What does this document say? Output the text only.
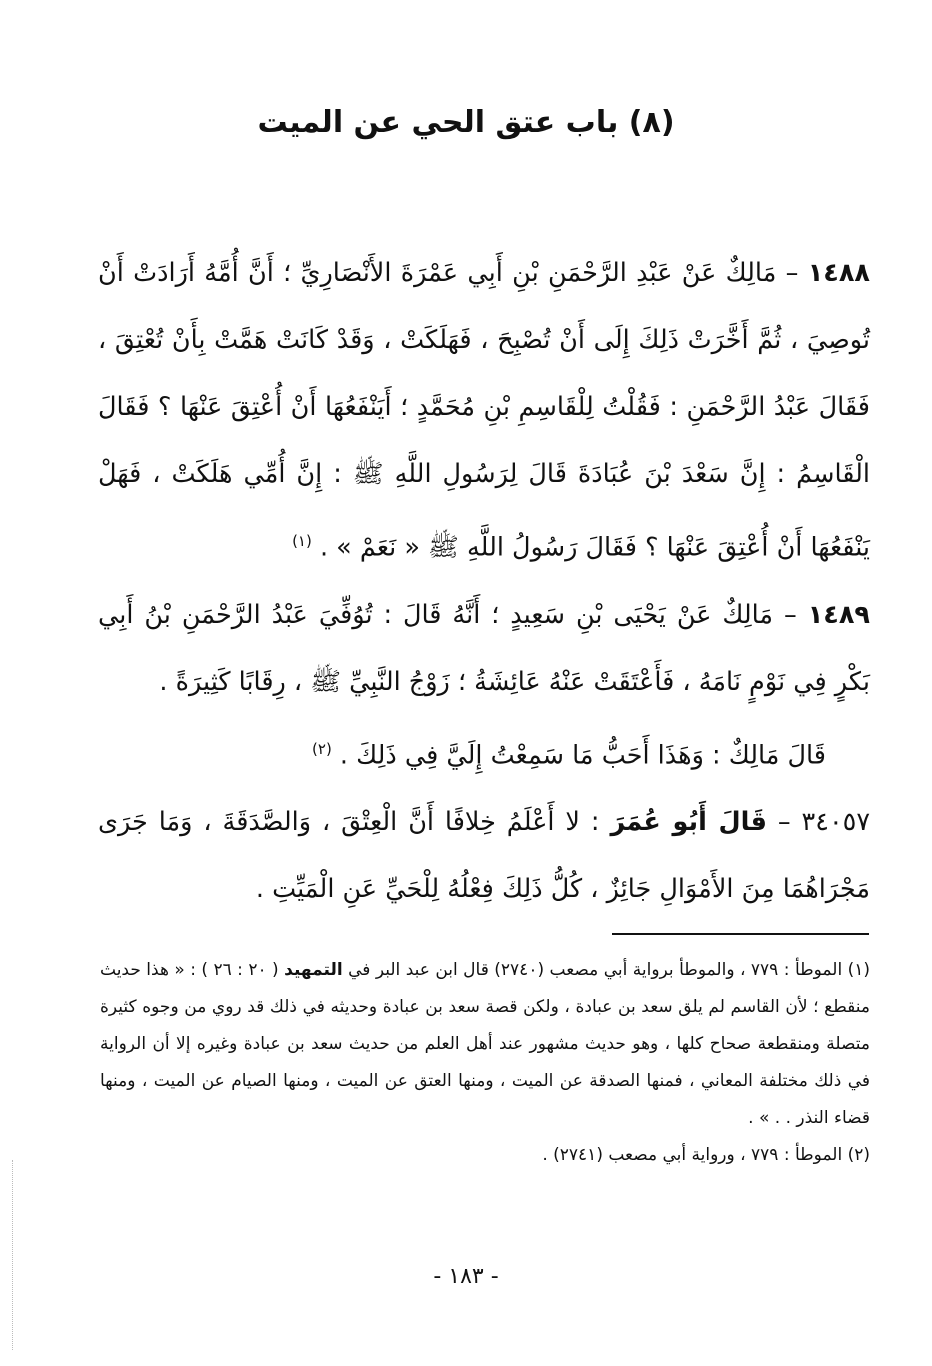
(٨) باب عتق الحي عن الميت

١٤٨٨ – مَالِكٌ عَنْ عَبْدِ الرَّحْمَنِ بْنِ أَبِي عَمْرَةَ الأَنْصَارِيِّ ؛ أَنَّ أُمَّهُ أَرَادَتْ أَنْ تُوصِيَ ، ثُمَّ أَخَّرَتْ ذَلِكَ إِلَى أَنْ تُصْبِحَ ، فَهَلَكَتْ ، وَقَدْ كَانَتْ هَمَّتْ بِأَنْ تُعْتِقَ ، فَقَالَ عَبْدُ الرَّحْمَنِ : فَقُلْتُ لِلْقَاسِمِ بْنِ مُحَمَّدٍ ؛ أَيَنْفَعُهَا أَنْ أُعْتِقَ عَنْهَا ؟ فَقَالَ الْقَاسِمُ : إِنَّ سَعْدَ بْنَ عُبَادَةَ قَالَ لِرَسُولِ اللَّهِ ﷺ : إِنَّ أُمِّي هَلَكَتْ ، فَهَلْ يَنْفَعُهَا أَنْ أُعْتِقَ عَنْهَا ؟ فَقَالَ رَسُولُ اللَّهِ ﷺ « نَعَمْ » . $^{(١)}$

١٤٨٩ – مَالِكٌ عَنْ يَحْيَى بْنِ سَعِيدٍ ؛ أَنَّهُ قَالَ : تُوُفِّيَ عَبْدُ الرَّحْمَنِ بْنُ أَبِي بَكْرٍ فِي نَوْمٍ نَامَهُ ، فَأَعْتَقَتْ عَنْهُ عَائِشَةُ ؛ زَوْجُ النَّبِيِّ ﷺ ، رِقَابًا كَثِيرَةً .

قَالَ مَالِكٌ : وَهَذَا أَحَبُّ مَا سَمِعْتُ إِلَيَّ فِي ذَلِكَ . $^{(٢)}$

٣٤٠٥٧ – قَالَ أَبُو عُمَرَ : لا أَعْلَمُ خِلافًا أَنَّ الْعِتْقَ ، وَالصَّدَقَةَ ، وَمَا جَرَى مَجْرَاهُمَا مِنَ الأَمْوَالِ جَائِزٌ ، كُلُّ ذَلِكَ فِعْلُهُ لِلْحَيِّ عَنِ الْمَيِّتِ .

(١) الموطأ : ٧٧٩ ، والموطأ برواية أبي مصعب (٢٧٤٠) قال ابن عبد البر في التمهيد ( ٢٠ : ٢٦ ) : « هذا حديث منقطع ؛ لأن القاسم لم يلق سعد بن عبادة ، ولكن قصة سعد بن عبادة وحديثه في ذلك قد روي من وجوه كثيرة متصلة ومنقطعة صحاح كلها ، وهو حديث مشهور عند أهل العلم من حديث سعد بن عبادة وغيره إلا أن الرواية في ذلك مختلفة المعاني ، فمنها الصدقة عن الميت ، ومنها العتق عن الميت ، ومنها الصيام عن الميت ، ومنها قضاء النذر . . » .

(٢) الموطأ : ٧٧٩ ، ورواية أبي مصعب (٢٧٤١) .

- ١٨٣ -
